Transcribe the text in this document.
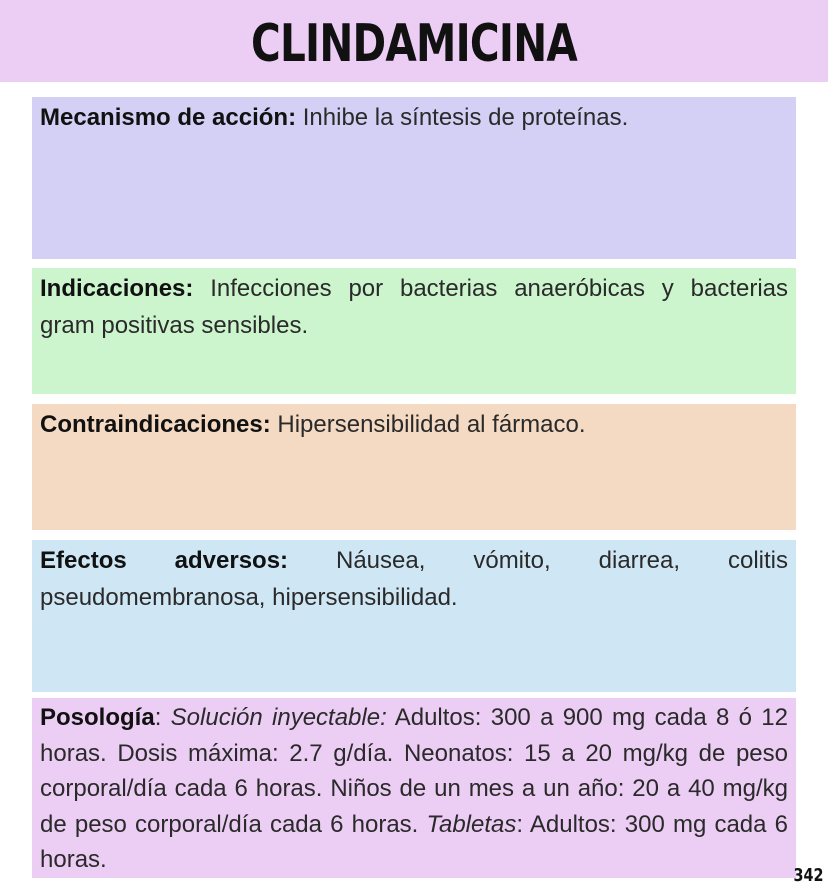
CLINDAMICINA
Mecanismo de acción: Inhibe la síntesis de proteínas.
Indicaciones: Infecciones por bacterias anaeróbicas y bacterias gram positivas sensibles.
Contraindicaciones: Hipersensibilidad al fármaco.
Efectos adversos: Náusea, vómito, diarrea, colitis pseudomembranosa, hipersensibilidad.
Posología: Solución inyectable: Adultos: 300 a 900 mg cada 8 ó 12 horas. Dosis máxima: 2.7 g/día. Neonatos: 15 a 20 mg/kg de peso corporal/día cada 6 horas. Niños de un mes a un año: 20 a 40 mg/kg de peso corporal/día cada 6 horas. Tabletas: Adultos: 300 mg cada 6 horas.
342
